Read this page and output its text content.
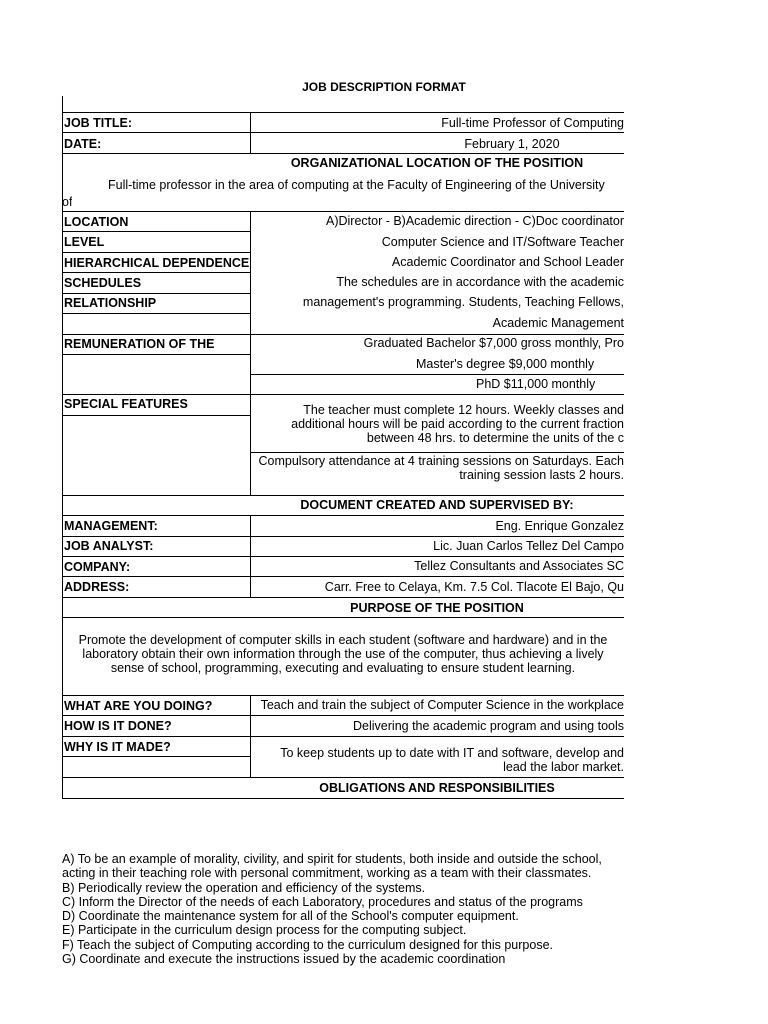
JOB DESCRIPTION FORMAT
JOB TITLE:	Full-time Professor of Computing
DATE:	February 1, 2020
ORGANIZATIONAL LOCATION OF THE POSITION
Full-time professor in the area of computing at the Faculty of Engineering of the University
of
LOCATION	A)Director - B)Academic direction - C)Doc coordinator
LEVEL	Computer Science and IT/Software Teacher
HIERARCHICAL DEPENDENCE	Academic Coordinator and School Leader
SCHEDULES	The schedules are in accordance with the academic
RELATIONSHIP	management's programming. Students, Teaching Fellows,
Academic Management
REMUNERATION OF THE	Graduated Bachelor $7,000 gross monthly, Pro
Master's degree $9,000 monthly
PhD $11,000 monthly
SPECIAL FEATURES	The teacher must complete 12 hours. Weekly classes and
additional hours will be paid according to the current fraction
between 48 hrs. to determine the units of the c
Compulsory attendance at 4 training sessions on Saturdays. Each
training session lasts 2 hours.
DOCUMENT CREATED AND SUPERVISED BY:
MANAGEMENT:	Eng. Enrique Gonzalez
JOB ANALYST:	Lic. Juan Carlos Tellez Del Campo
COMPANY:	Tellez Consultants and Associates SC
ADDRESS:	Carr. Free to Celaya, Km. 7.5 Col. Tlacote El Bajo, Qu
PURPOSE OF THE POSITION
Promote the development of computer skills in each student (software and hardware) and in the
laboratory obtain their own information through the use of the computer, thus achieving a lively
sense of school, programming, executing and evaluating to ensure student learning.
WHAT ARE YOU DOING?	Teach and train the subject of Computer Science in the workplace
HOW IS IT DONE?	Delivering the academic program and using tools
WHY IS IT MADE?	To keep students up to date with IT and software, develop and
lead the labor market.
OBLIGATIONS AND RESPONSIBILITIES
A) To be an example of morality, civility, and spirit for students, both inside and outside the school,
acting in their teaching role with personal commitment, working as a team with their classmates.
B) Periodically review the operation and efficiency of the systems.
C) Inform the Director of the needs of each Laboratory, procedures and status of the programs
D) Coordinate the maintenance system for all of the School's computer equipment.
E) Participate in the curriculum design process for the computing subject.
F) Teach the subject of Computing according to the curriculum designed for this purpose.
G) Coordinate and execute the instructions issued by the academic coordination
